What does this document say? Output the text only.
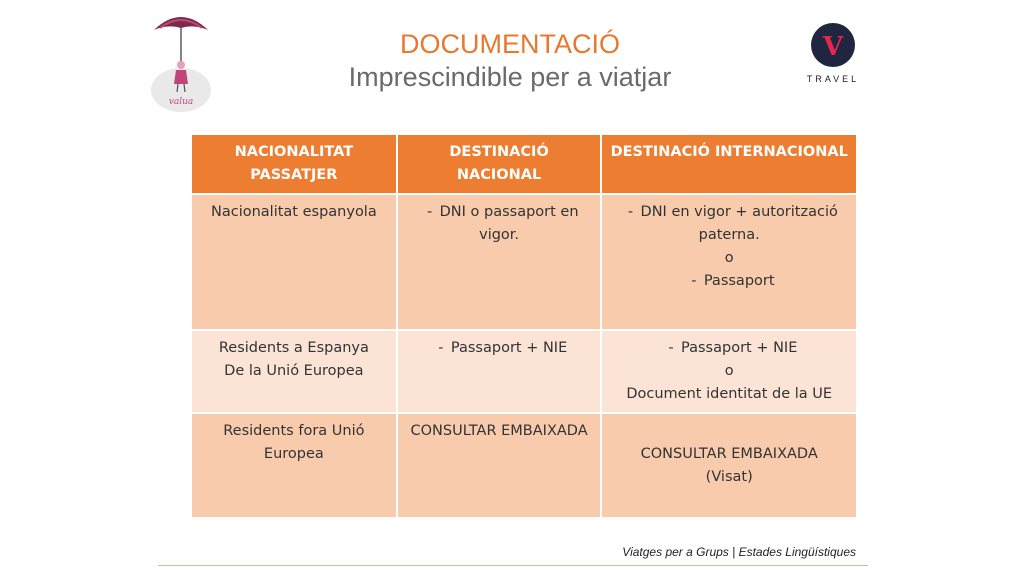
valua
DOCUMENTACIÓ
Imprescindible per a viatjar
V
TRAVEL
NACIONALITAT PASSATJER	DESTINACIÓ NACIONAL	DESTINACIÓ INTERNACIONAL
Nacionalitat espanyola	- DNI o passaport en vigor.	- DNI en vigor + autorització paterna.
o
- Passaport

Residents a Espanya
De la Unió Europea	- Passaport + NIE	- Passaport + NIE
o
Document identitat de la UE

Residents fora Unió Europea	CONSULTAR EMBAIXADA	CONSULTAR EMBAIXADA
(Visat)
Viatges per a Grups | Estades Lingüístiques
